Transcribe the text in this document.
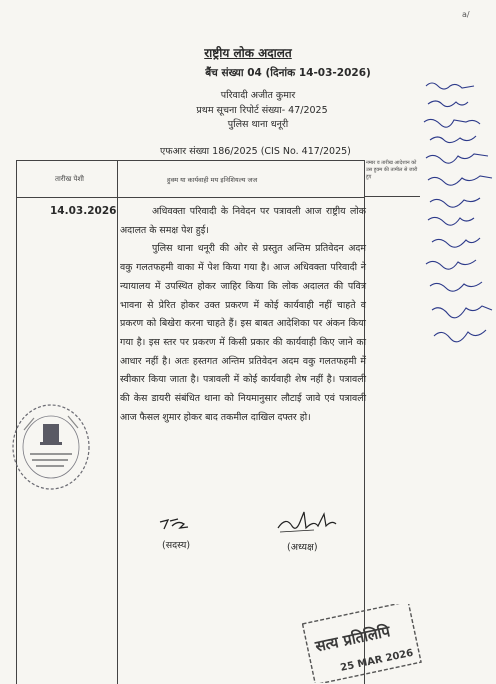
a/
राष्ट्रीय लोक अदालत
बैंच संख्या 04 (दिनांक 14-03-2026)
परिवादी अजीत कुमार
प्रथम सूचना रिपोर्ट संख्या- 47/2025
पुलिस थाना धनूरी
एफआर संख्या 186/2025 (CIS No. 417/2025)
तारीख पेशी	हुक्म या कार्यवाही मय इनिशियल्य जज
नम्बर व तारीख आदेशान को उस हुक्म की तामील से जारी हुए
14.03.2026	अधिवक्ता परिवादी के निवेदन पर पत्रावली आज राष्ट्रीय लोक अदालत के समक्ष पेश हुई।

पुलिस थाना धनूरी की ओर से प्रस्तुत अन्तिम प्रतिवेदन अदम वकु गलतफहमी वाका में पेश किया गया है। आज अधिवक्ता परिवादी ने न्यायालय में उपस्थित होकर जाहिर किया कि लोक अदालत की पवित्र भावना से प्रेरित होकर उक्त प्रकरण में कोई कार्यवाही नहीं चाहते व प्रकरण को बिखेरा करना चाहते हैं। इस बाबत आदेशिका पर अंकन किया गया है। इस स्तर पर प्रकरण में किसी प्रकार की कार्यवाही किए जाने का आधार नहीं है। अतः हस्तगत अन्तिम प्रतिवेदन अदम वकु गलतफहमी में स्वीकार किया जाता है। पत्रावली में कोई कार्यवाही शेष नहीं है। पत्रावली की केस डायरी संबंधित थाना को नियमानुसार लौटाई जावे एवं पत्रावली आज फैसल शुमार होकर बाद तकमील दाखिल दफ्तर हो।

(सदस्य)	(अध्यक्ष)
सत्य प्रतिलिपि
25 MAR 2026
